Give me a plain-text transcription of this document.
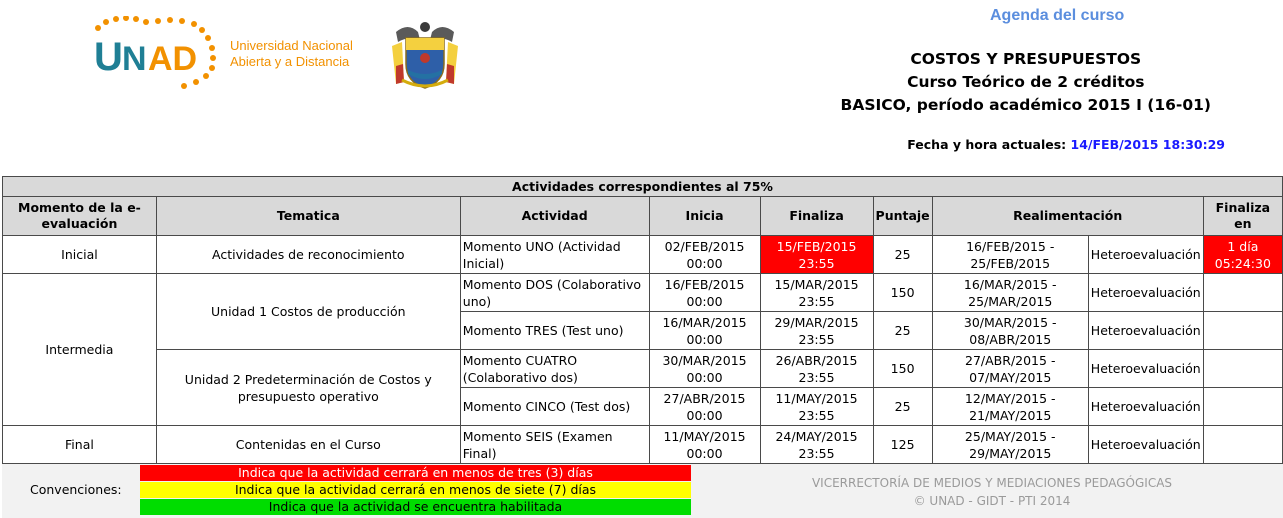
U N AD	Universidad Nacional
Abierta y a Distancia
Agenda del curso
COSTOS Y PRESUPUESTOS
Curso Teórico de 2 créditos
BASICO, período académico 2015 I (16-01)
Fecha y hora actuales: 14/FEB/2015 18:30:29
Actividades correspondientes al 75%								
Momento de la e-evaluación	Tematica	Actividad	Inicia	Finaliza	Puntaje	Realimentación		Finaliza en
Inicial	Actividades de reconocimiento	Momento UNO (Actividad Inicial)	02/FEB/2015 00:00	15/FEB/2015 23:55	25	16/FEB/2015 - 25/FEB/2015	Heteroevaluación	1 día 05:24:30
Intermedia	Unidad 1 Costos de producción	Momento DOS (Colaborativo uno)	16/FEB/2015 00:00	15/MAR/2015 23:55	150	16/MAR/2015 - 25/MAR/2015	Heteroevaluación	
		Momento TRES (Test uno)	16/MAR/2015 00:00	29/MAR/2015 23:55	25	30/MAR/2015 - 08/ABR/2015	Heteroevaluación	
	Unidad 2 Predeterminación de Costos y presupuesto operativo	Momento CUATRO (Colaborativo dos)	30/MAR/2015 00:00	26/ABR/2015 23:55	150	27/ABR/2015 - 07/MAY/2015	Heteroevaluación	
		Momento CINCO (Test dos)	27/ABR/2015 00:00	11/MAY/2015 23:55	25	12/MAY/2015 - 21/MAY/2015	Heteroevaluación	
Final	Contenidas en el Curso	Momento SEIS (Examen Final)	11/MAY/2015 00:00	24/MAY/2015 23:55	125	25/MAY/2015 - 29/MAY/2015	Heteroevaluación	
Convenciones:
Indica que la actividad cerrará en menos de tres (3) días
Indica que la actividad cerrará en menos de siete (7) días
Indica que la actividad se encuentra habilitada
VICERRECTORÍA DE MEDIOS Y MEDIACIONES PEDAGÓGICAS
© UNAD - GIDT - PTI 2014
